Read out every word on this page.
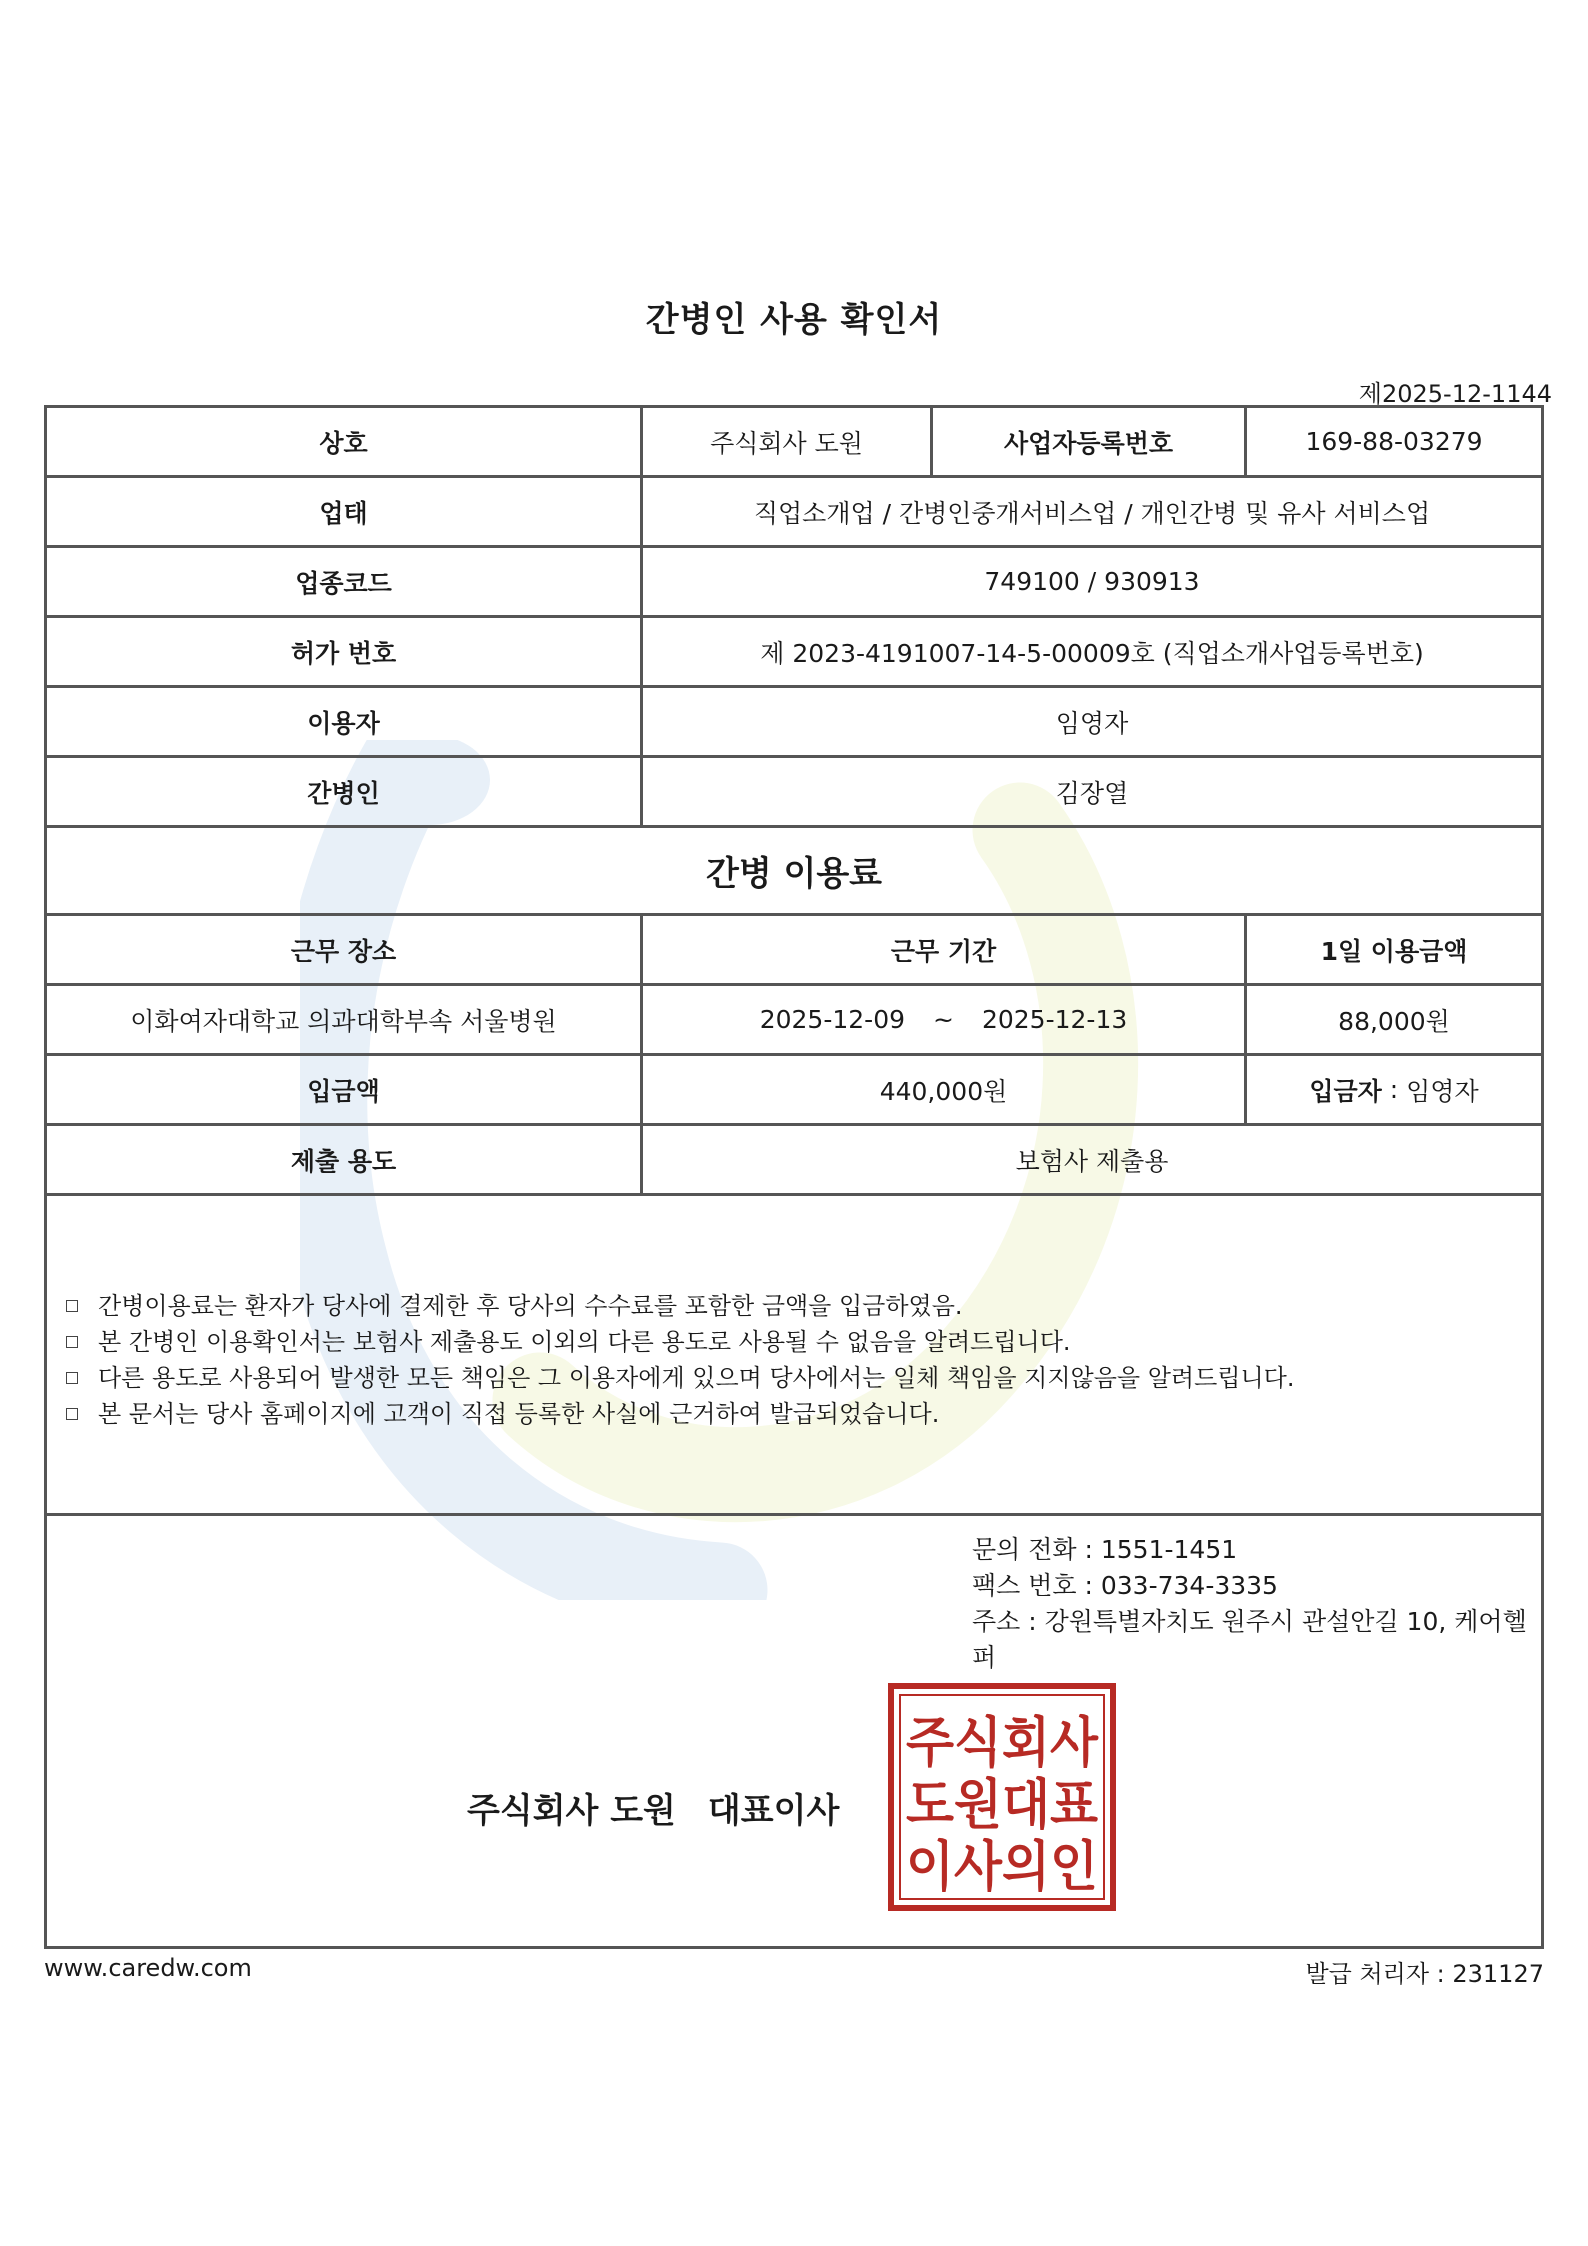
간병인 사용 확인서
제2025-12-1144
상호	주식회사 도원	사업자등록번호	169-88-03279
업태	직업소개업 / 간병인중개서비스업 / 개인간병 및 유사 서비스업
업종코드	749100 / 930913
허가 번호	제 2023-4191007-14-5-00009호 (직업소개사업등록번호)
이용자	임영자
간병인	김장열
간병 이용료
근무 장소	근무 기간	1일 이용금액
이화여자대학교 의과대학부속 서울병원	2025-12-09 ~ 2025-12-13	88,000원
입금액	440,000원	입금자 : 임영자
제출 용도	보험사 제출용
문의 전화 : 1551-1451
팩스 번호 : 033-734-3335
주소 : 강원특별자치도 원주시 관설안길 10, 케어헬퍼
주식회사 도원 대표이사
주식회사
도원대표
이사의인
간병이용료는 환자가 당사에 결제한 후 당사의 수수료를 포함한 금액을 입금하였음.
본 간병인 이용확인서는 보험사 제출용도 이외의 다른 용도로 사용될 수 없음을 알려드립니다.
다른 용도로 사용되어 발생한 모든 책임은 그 이용자에게 있으며 당사에서는 일체 책임을 지지않음을 알려드립니다.
본 문서는 당사 홈페이지에 고객이 직접 등록한 사실에 근거하여 발급되었습니다.
www.caredw.com	발급 처리자 : 231127
